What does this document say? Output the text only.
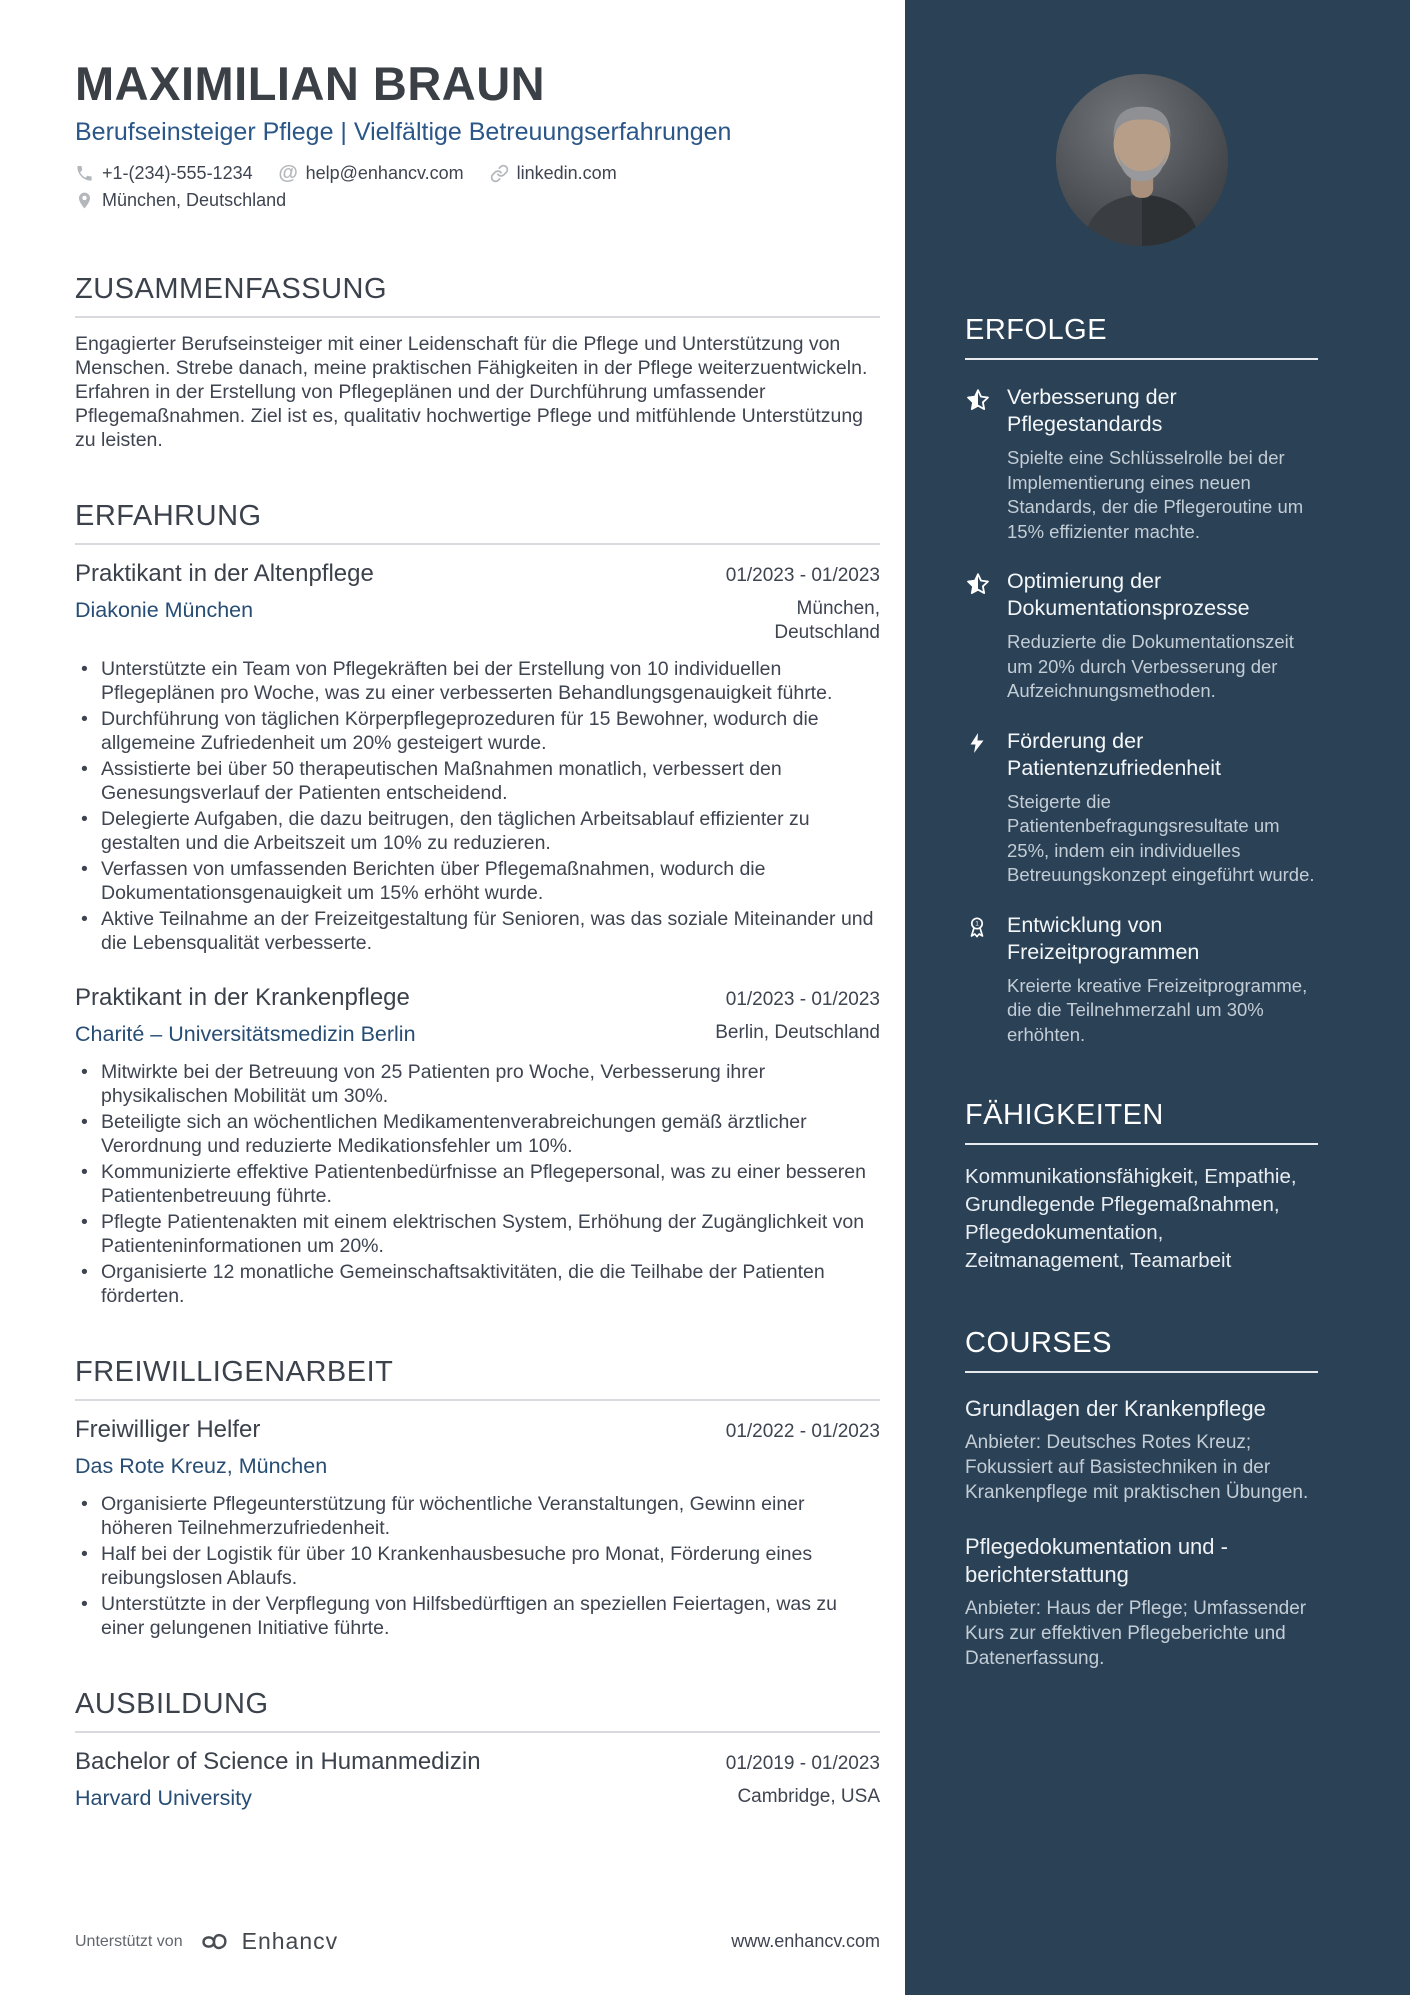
MAXIMILIAN BRAUN
Berufseinsteiger Pflege | Vielfältige Betreuungserfahrungen
+1-(234)-555-1234 @ help@enhancv.com	linkedin.com
München, Deutschland
ZUSAMMENFASSUNG

Engagierter Berufseinsteiger mit einer Leidenschaft für die Pflege und Unterstützung von Menschen. Strebe danach, meine praktischen Fähigkeiten in der Pflege weiterzuentwickeln. Erfahren in der Erstellung von Pflegeplänen und der Durchführung umfassender Pflegemaßnahmen. Ziel ist es, qualitativ hochwertige Pflege und mitfühlende Unterstützung zu leisten.

ERFAHRUNG
Praktikant in der Altenpflege	01/2023 - 01/2023
Diakonie München	München, Deutschland
• Unterstützte ein Team von Pflegekräften bei der Erstellung von 10 individuellen Pflegeplänen pro Woche, was zu einer verbesserten Behandlungsgenauigkeit führte.
• Durchführung von täglichen Körperpflegeprozeduren für 15 Bewohner, wodurch die allgemeine Zufriedenheit um 20% gesteigert wurde.
• Assistierte bei über 50 therapeutischen Maßnahmen monatlich, verbessert den Genesungsverlauf der Patienten entscheidend.
• Delegierte Aufgaben, die dazu beitrugen, den täglichen Arbeitsablauf effizienter zu gestalten und die Arbeitszeit um 10% zu reduzieren.
• Verfassen von umfassenden Berichten über Pflegemaßnahmen, wodurch die Dokumentationsgenauigkeit um 15% erhöht wurde.
• Aktive Teilnahme an der Freizeitgestaltung für Senioren, was das soziale Miteinander und die Lebensqualität verbesserte.
Praktikant in der Krankenpflege	01/2023 - 01/2023
Charité – Universitätsmedizin Berlin	Berlin, Deutschland
• Mitwirkte bei der Betreuung von 25 Patienten pro Woche, Verbesserung ihrer physikalischen Mobilität um 30%.
• Beteiligte sich an wöchentlichen Medikamentenverabreichungen gemäß ärztlicher Verordnung und reduzierte Medikationsfehler um 10%.
• Kommunizierte effektive Patientenbedürfnisse an Pflegepersonal, was zu einer besseren Patientenbetreuung führte.
• Pflegte Patientenakten mit einem elektrischen System, Erhöhung der Zugänglichkeit von Patienteninformationen um 20%.
• Organisierte 12 monatliche Gemeinschaftsaktivitäten, die die Teilhabe der Patienten förderten.
FREIWILLIGENARBEIT
Freiwilliger Helfer	01/2022 - 01/2023
Das Rote Kreuz, München
• Organisierte Pflegeunterstützung für wöchentliche Veranstaltungen, Gewinn einer höheren Teilnehmerzufriedenheit.
• Half bei der Logistik für über 10 Krankenhausbesuche pro Monat, Förderung eines reibungslosen Ablaufs.
• Unterstützte in der Verpflegung von Hilfsbedürftigen an speziellen Feiertagen, was zu einer gelungenen Initiative führte.
AUSBILDUNG
Bachelor of Science in Humanmedizin	01/2019 - 01/2023
Harvard University	Cambridge, USA
Unterstützt von	Enhancv	www.enhancv.com
ERFOLGE
Verbesserung der Pflegestandards
Spielte eine Schlüsselrolle bei der Implementierung eines neuen Standards, der die Pflegeroutine um 15% effizienter machte.
Optimierung der Dokumentationsprozesse
Reduzierte die Dokumentationszeit um 20% durch Verbesserung der Aufzeichnungsmethoden.
Förderung der Patientenzufriedenheit
Steigerte die Patientenbefragungsresultate um 25%, indem ein individuelles Betreuungskonzept eingeführt wurde.
1 Entwicklung von Freizeitprogrammen
Kreierte kreative Freizeitprogramme, die die Teilnehmerzahl um 30% erhöhten.
FÄHIGKEITEN

Kommunikationsfähigkeit, Empathie, Grundlegende Pflegemaßnahmen, Pflegedokumentation, Zeitmanagement, Teamarbeit

COURSES
Grundlagen der Krankenpflege
Anbieter: Deutsches Rotes Kreuz; Fokussiert auf Basistechniken in der Krankenpflege mit praktischen Übungen.
Pflegedokumentation und -berichterstattung
Anbieter: Haus der Pflege; Umfassender Kurs zur effektiven Pflegeberichte und Datenerfassung.
